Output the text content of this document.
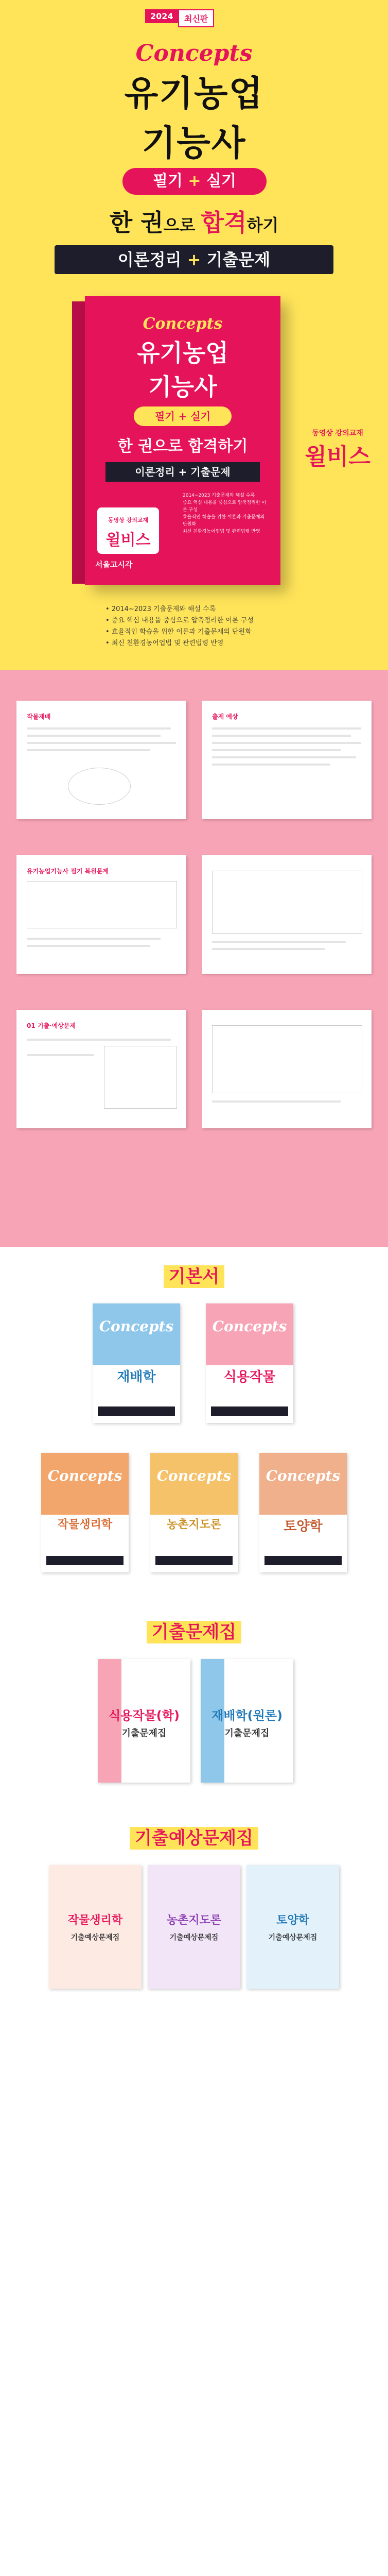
2024	최신판
Concepts
유기농업
기능사
필기 + 실기
한 권으로 합격하기
이론정리 + 기출문제
Concepts
유기농업
기능사
필기 + 실기
한 권으로 합격하기
이론정리 + 기출문제
동영상 강의교재
윌비스
2014~2023 기출문제와 해설 수록
중요 핵심 내용을 중심으로 압축정리한 이론 구성
효율적인 학습을 위한 이론과 기출문제의 단원화
최신 친환경농어업법 및 관련법령 반영
서울고시각
동영상 강의교재
윌비스
• 2014~2023 기출문제와 해설 수록
• 중요 핵심 내용을 중심으로 압축정리한 이론 구성
• 효율적인 학습을 위한 이론과 기출문제의 단원화
• 최신 친환경농어업법 및 관련법령 반영
작물재배	출제 예상
유기농업기능사 필기 복원문제
01 기출·예상문제
기본서
Concepts
재배학
Concepts
식용작물
Concepts
작물생리학
Concepts
농촌지도론
Concepts
토양학
기출문제집
식용작물(학)
기출문제집
재배학(원론)
기출문제집
기출예상문제집
작물생리학
기출예상문제집
농촌지도론
기출예상문제집
토양학
기출예상문제집
